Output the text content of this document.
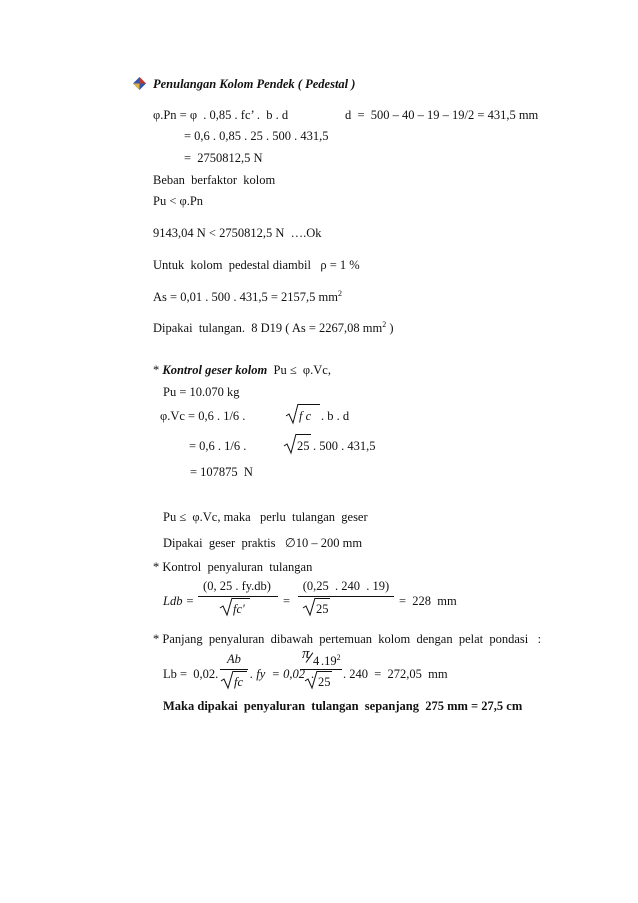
Penulangan Kolom Pendek ( Pedestal )
φ.Pn = φ  . 0,85 . fc’ .  b . d	d  =  500 – 40 – 19 – 19/2 = 431,5 mm
= 0,6 . 0,85 . 25 . 500 . 431,5
=  2750812,5 N
Beban  berfaktor  kolom
Pu < φ.Pn
9143,04 N < 2750812,5 N  ….Ok
Untuk  kolom  pedestal diambil   ρ = 1 %
As = 0,01 . 500 . 431,5 = 2157,5 $mm^2$
Dipakai  tulangan.  8 D19 ( As = 2267,08 $mm^2$ )
* Kontrol geser kolom  Pu ≤  φ.Vc,
Pu = 10.070 kg
φ.Vc = 0,6 . 1/6 .	f c . b . d
= 0,6 . 1/6 .	25 . 500 . 431,5
= 107875  N
Pu ≤  φ.Vc, maka   perlu  tulangan  geser
Dipakai  geser  praktis   ∅10 – 200 mm
* Kontrol  penyaluran  tulangan
Ldb =
(0, 25 . fy.db)
fc'
=
(0,25  . 240  . 19)
25
=  228  mm
* Panjang  penyaluran  dibawah  pertemuan  kolom  dengan  pelat  pondasi   :
Lb =  0,02.
Ab
fc
. fy  = 0,02  .
π 4 $.19^2$
25
. 240  =  272,05  mm
Maka dipakai  penyaluran  tulangan  sepanjang  275 mm = 27,5 cm
